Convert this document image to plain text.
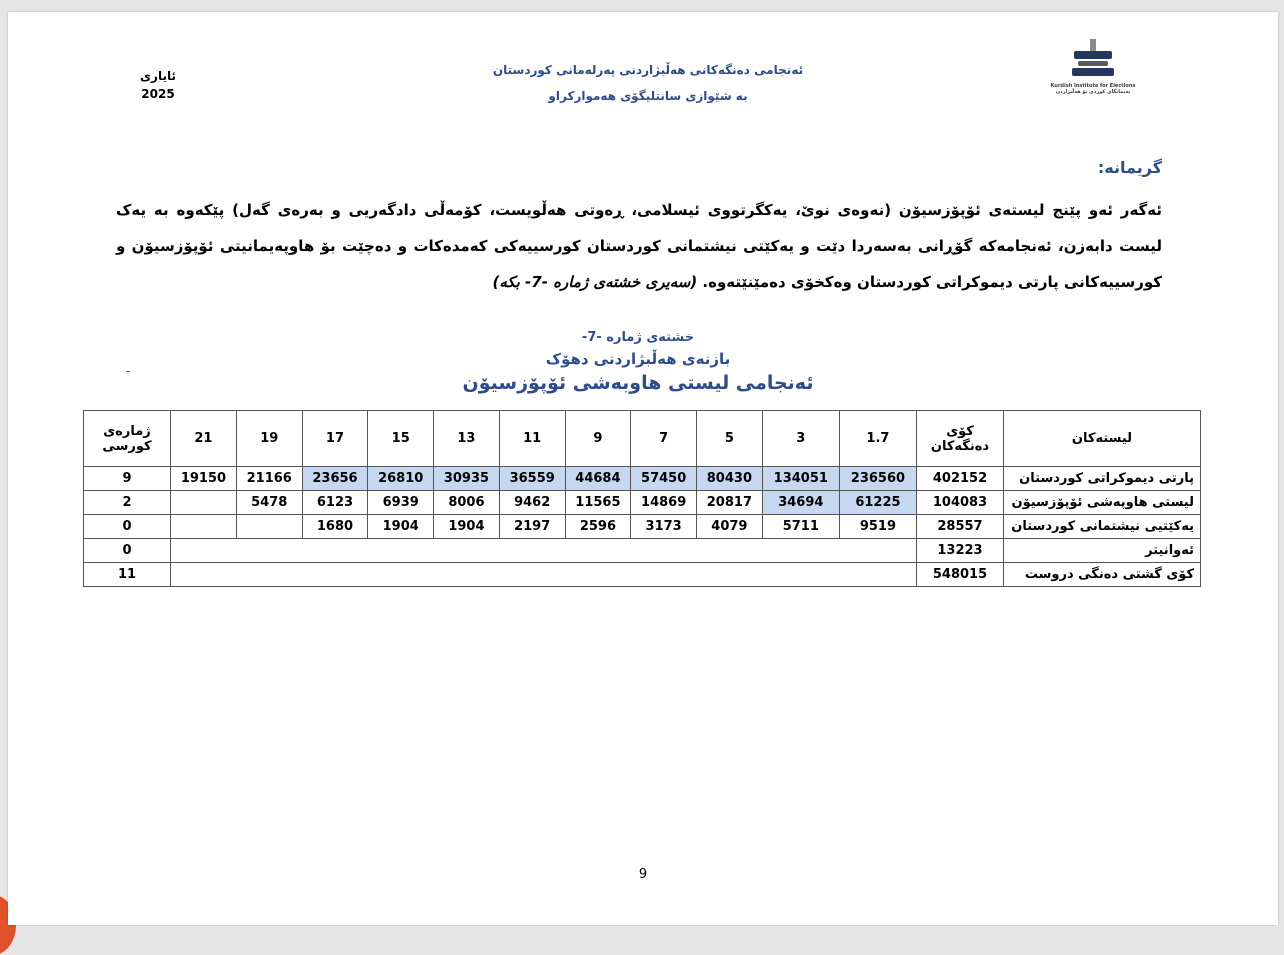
ئایاری
2025
ئەنجامی دەنگەکانی هەڵبژاردنی پەرلەمانی کوردستان
بە شێوازی سانتلیگۆی هەموارکراو
Kurdish Institute for Elections
پەیمانگای کوردی بۆ هەڵبژاردن
گریمانە:
ئەگەر ئەو پێنج لیستەی ئۆپۆزسیۆن (نەوەی نوێ، یەکگرتووی ئیسلامی، ڕەوتی هەڵویست، کۆمەڵی دادگەریی و بەرەی گەل) پێکەوە بە یەک لیست دابەزن، ئەنجامەکە گۆڕانی بەسەردا دێت و یەکێتی نیشتمانی کوردستان کورسییەکی کەمدەکات و دەچێت بۆ هاوپەیمانیتی ئۆپۆزسیۆن و کورسییەکانی پارتی دیموکراتی کوردستان وەکخۆی دەمێنێتەوە. (سەیری خشتەی ژمارە -7- بکە)
-
خشتەی ژمارە -7-
بازنەی هەڵبژاردنی دهۆک
ئەنجامی لیستی هاوبەشی ئۆپۆزسیۆن
لیستەکان	کۆی دەنگەکان	1.7	3	5	7	9	11	13	15	17	19	21	ژمارەی کورسی
پارتی دیموکراتی کوردستان	402152	236560	134051	80430	57450	44684	36559	30935	26810	23656	21166	19150	9
لیستی هاوپەشی ئۆپۆزسیۆن	104083	61225	34694	20817	14869	11565	9462	8006	6939	6123	5478		2
یەکێتیی نیشتمانی کوردستان	28557	9519	5711	4079	3173	2596	2197	1904	1904	1680			0
ئەوانیتر	13223												0
کۆی گشتی دەنگی دروست	548015												11
9
